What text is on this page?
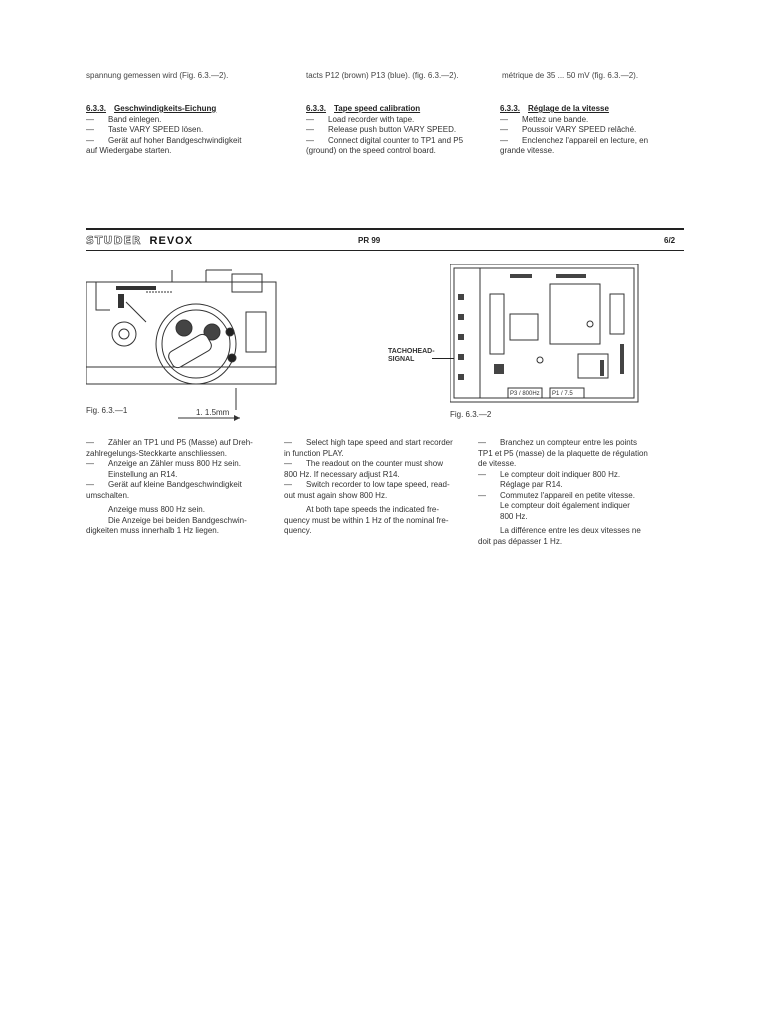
spannung gemessen wird (Fig. 6.3.—2).	tacts P12 (brown) P13 (blue). (fig. 6.3.—2).	métrique de 35 ... 50 mV (fig. 6.3.—2).
6.3.3. Geschwindigkeits-Eichung
—	Band einlegen.
—	Taste VARY SPEED lösen.
—	Gerät auf hoher Bandgeschwindigkeit
auf Wiedergabe starten.
6.3.3. Tape speed calibration
—	Load recorder with tape.
—	Release push button VARY SPEED.
—	Connect digital counter to TP1 and P5
(ground) on the speed control board.
6.3.3. Réglage de la vitesse
—	Mettez une bande.
—	Poussoir VARY SPEED relâché.
—	Enclenchez l'appareil en lecture, en
grande vitesse.
STUDER REVOX	PR 99	6/2
Fig. 6.3.—1	1. 1.5mm
TACHOHEAD-
SIGNAL
P3 / 800Hz P1 / 7.5
Fig. 6.3.—2
—	Zähler an TP1 und P5 (Masse) auf Dreh-
zahlregelungs-Steckkarte anschliessen.
—	Anzeige an Zähler muss 800 Hz sein.
Einstellung an R14.
—	Gerät auf kleine Bandgeschwindigkeit
umschalten.
Anzeige muss 800 Hz sein.
Die Anzeige bei beiden Bandgeschwin-
digkeiten muss innerhalb 1 Hz liegen.
—	Select high tape speed and start recorder
in function PLAY.
—	The readout on the counter must show
800 Hz. If necessary adjust R14.
—	Switch recorder to low tape speed, read-
out must again show 800 Hz.
At both tape speeds the indicated fre-
quency must be within 1 Hz of the nominal fre-
quency.
—	Branchez un compteur entre les points
TP1 et P5 (masse) de la plaquette de régulation
de vitesse.
—	Le compteur doit indiquer 800 Hz.
Réglage par R14.
—	Commutez l'appareil en petite vitesse.
Le compteur doit également indiquer
800 Hz.
La différence entre les deux vitesses ne
doit pas dépasser 1 Hz.
